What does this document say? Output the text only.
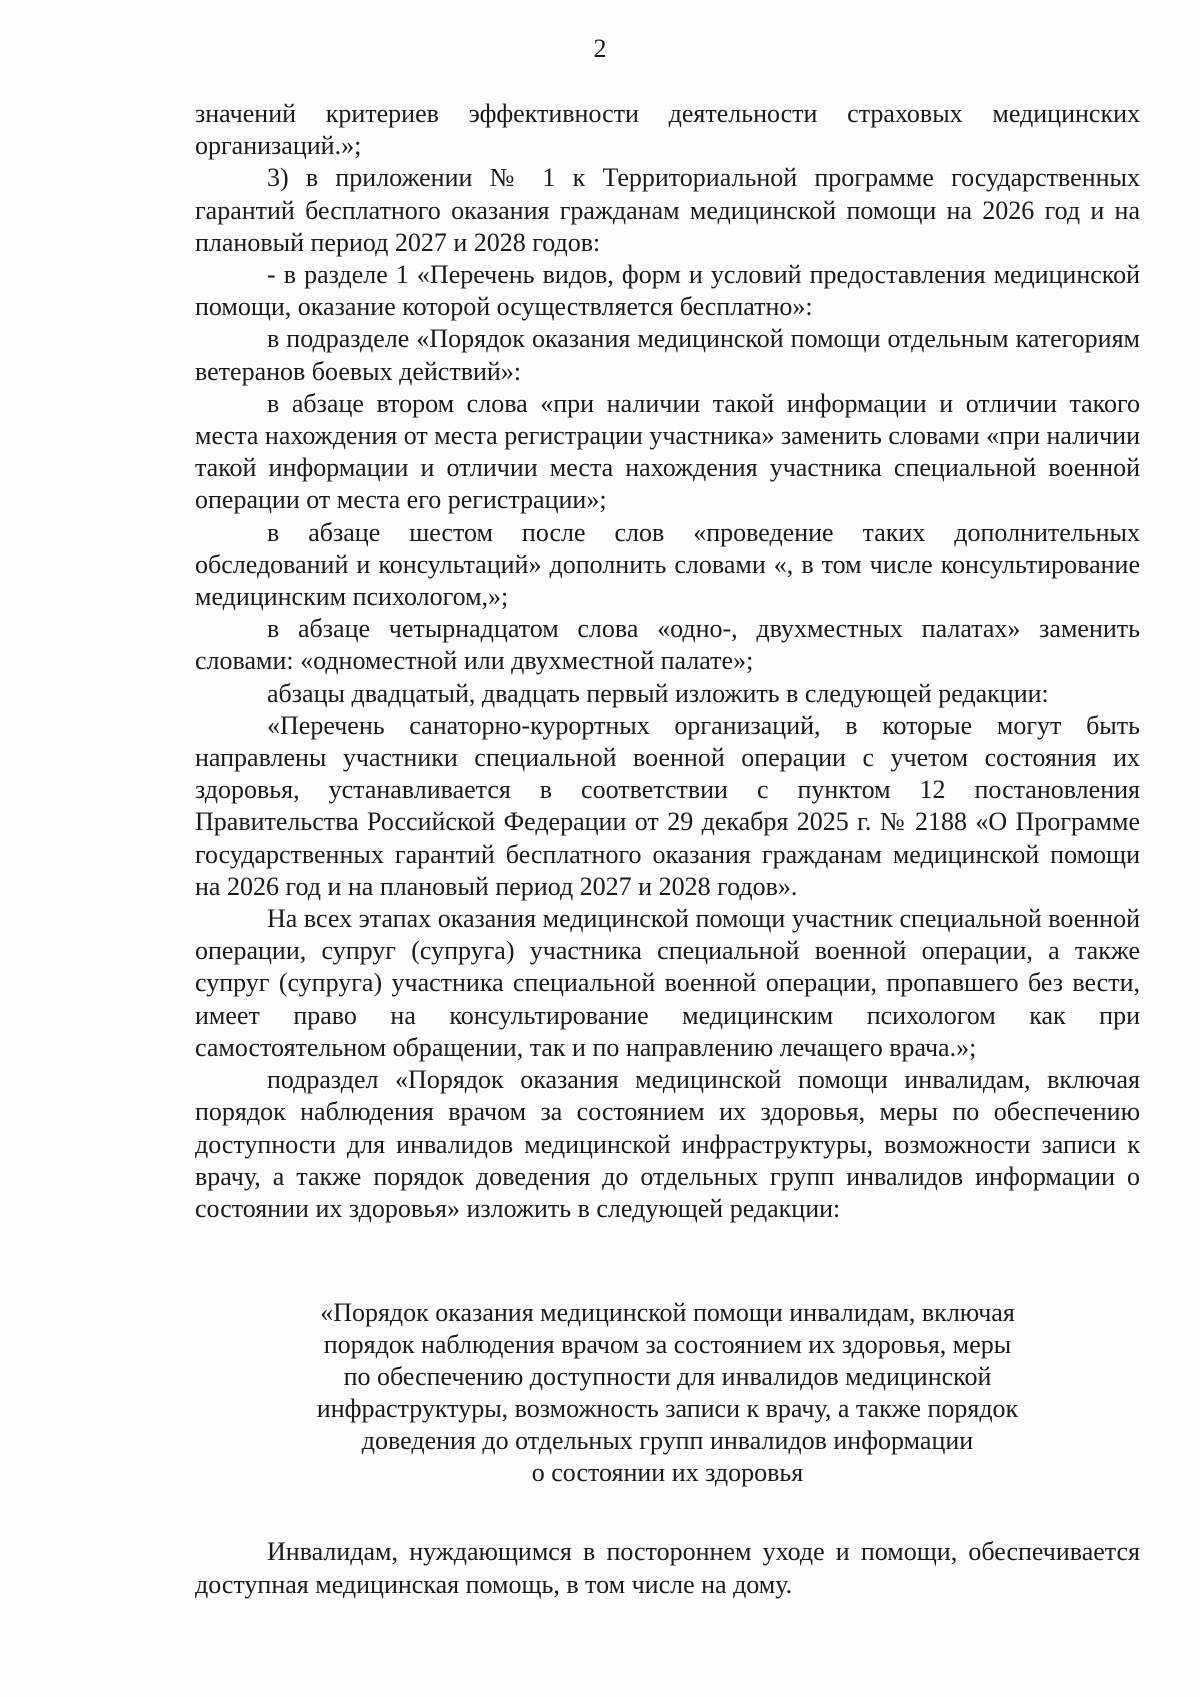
2

значений критериев эффективности деятельности страховых медицинских организаций.»;

3) в приложении № 1 к Территориальной программе государственных гарантий бесплатного оказания гражданам медицинской помощи на 2026 год и на плановый период 2027 и 2028 годов:

- в разделе 1 «Перечень видов, форм и условий предоставления медицинской помощи, оказание которой осуществляется бесплатно»:

в подразделе «Порядок оказания медицинской помощи отдельным категориям ветеранов боевых действий»:

в абзаце втором слова «при наличии такой информации и отличии такого места нахождения от места регистрации участника» заменить словами «при наличии такой информации и отличии места нахождения участника специальной военной операции от места его регистрации»;

в абзаце шестом после слов «проведение таких дополнительных обследований и консультаций» дополнить словами «, в том числе консультирование медицинским психологом,»;

в абзаце четырнадцатом слова «одно-, двухместных палатах» заменить словами: «одноместной или двухместной палате»;

абзацы двадцатый, двадцать первый изложить в следующей редакции:

«Перечень санаторно-курортных организаций, в которые могут быть направлены участники специальной военной операции с учетом состояния их здоровья, устанавливается в соответствии с пунктом 12 постановления Правительства Российской Федерации от 29 декабря 2025 г. № 2188 «О Программе государственных гарантий бесплатного оказания гражданам медицинской помощи на 2026 год и на плановый период 2027 и 2028 годов».

На всех этапах оказания медицинской помощи участник специальной военной операции, супруг (супруга) участника специальной военной операции, а также супруг (супруга) участника специальной военной операции, пропавшего без вести, имеет право на консультирование медицинским психологом как при самостоятельном обращении, так и по направлению лечащего врача.»;

подраздел «Порядок оказания медицинской помощи инвалидам, включая порядок наблюдения врачом за состоянием их здоровья, меры по обеспечению доступности для инвалидов медицинской инфраструктуры, возможности записи к врачу, а также порядок доведения до отдельных групп инвалидов информации о состоянии их здоровья» изложить в следующей редакции:

«Порядок оказания медицинской помощи инвалидам, включая
порядок наблюдения врачом за состоянием их здоровья, меры
по обеспечению доступности для инвалидов медицинской
инфраструктуры, возможность записи к врачу, а также порядок
доведения до отдельных групп инвалидов информации
о состоянии их здоровья

Инвалидам, нуждающимся в постороннем уходе и помощи, обеспечивается доступная медицинская помощь, в том числе на дому.
